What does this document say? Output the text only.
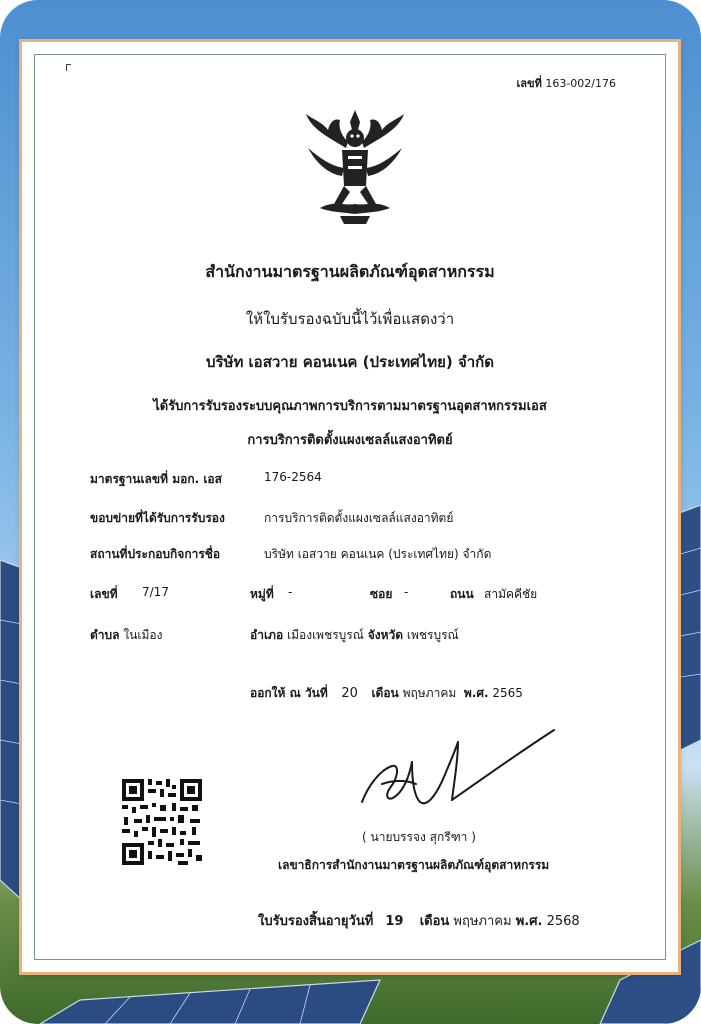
เลขที่ 163-002/176
สำนักงานมาตรฐานผลิตภัณฑ์อุตสาหกรรม
ให้ใบรับรองฉบับนี้ไว้เพื่อแสดงว่า
บริษัท เอสวาย คอนเนค (ประเทศไทย) จำกัด
ได้รับการรับรองระบบคุณภาพการบริการตามมาตรฐานอุตสาหกรรมเอส
การบริการติดตั้งแผงเซลล์แสงอาทิตย์
มาตรฐานเลขที่ มอก. เอส	176-2564
ขอบข่ายที่ได้รับการรับรอง	การบริการติดตั้งแผงเซลล์แสงอาทิตย์
สถานที่ประกอบกิจการชื่อ	บริษัท เอสวาย คอนเนค (ประเทศไทย) จำกัด
เลขที่ 7/17	หมู่ที่ -	ซอย -	ถนน สามัคคีชัย
ตำบล ในเมือง	อำเภอ เมืองเพชรบูรณ์ จังหวัด เพชรบูรณ์
ออกให้ ณ วันที่ 20 เดือน พฤษภาคม พ.ศ. 2565
( นายบรรจง สุกรีฑา )
เลขาธิการสำนักงานมาตรฐานผลิตภัณฑ์อุตสาหกรรม
ใบรับรองสิ้นอายุวันที่ 19 เดือน พฤษภาคม พ.ศ. 2568
